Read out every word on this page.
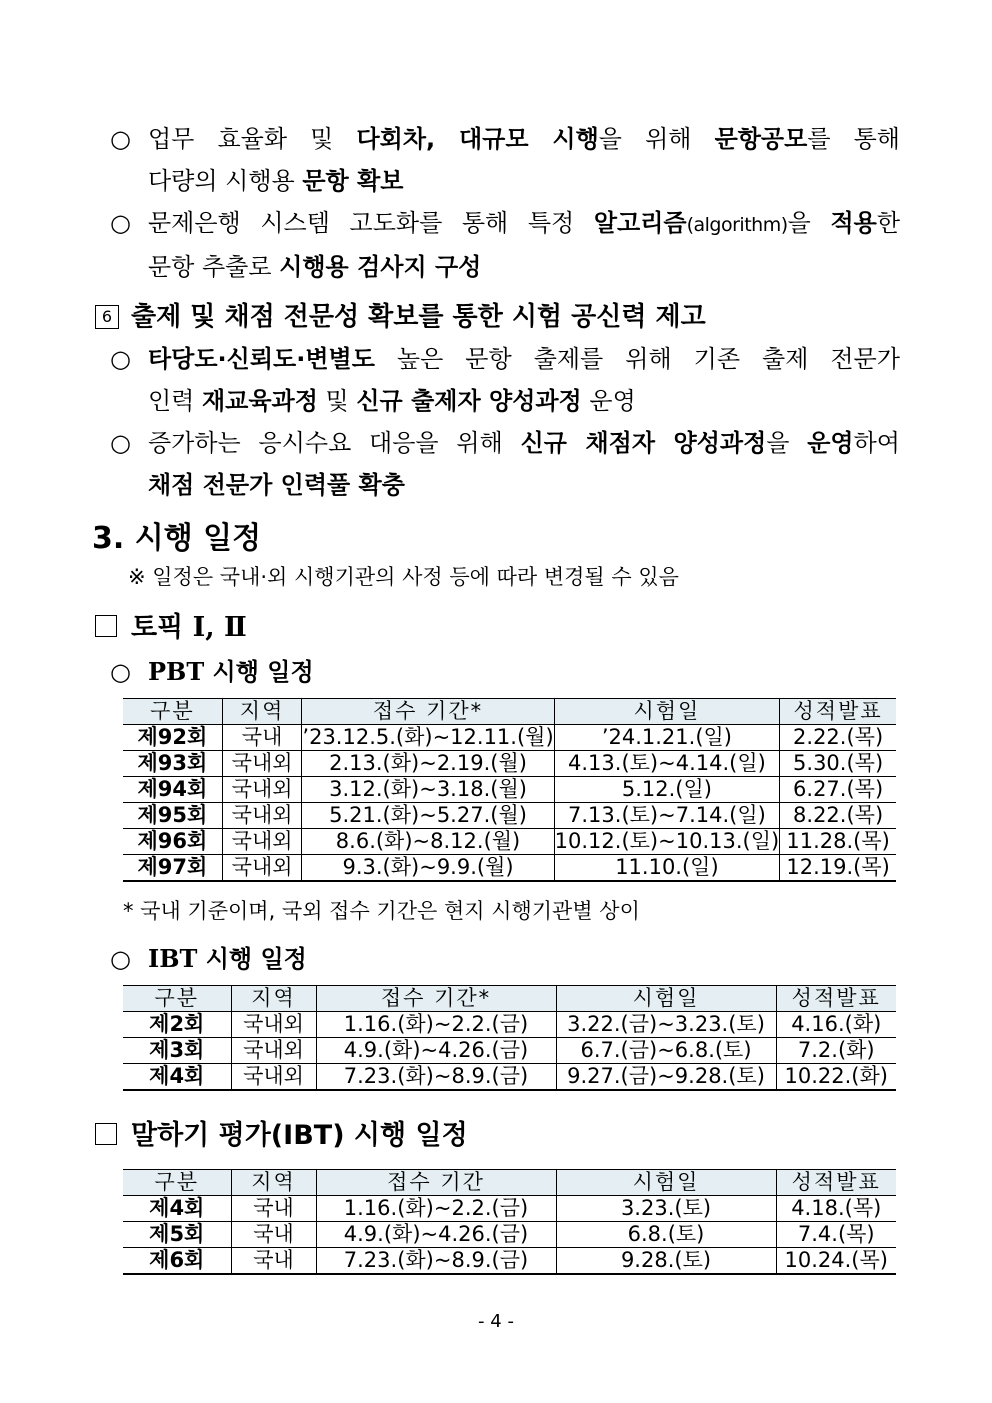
○ 업무 효율화 및 다회차, 대규모 시행을 위해 문항공모를 통해
다량의 시행용 문항 확보
○ 문제은행 시스템 고도화를 통해 특정 알고리즘(algorithm)을 적용한
문항 추출로 시행용 검사지 구성
6 출제 및 채점 전문성 확보를 통한 시험 공신력 제고
○ 타당도·신뢰도·변별도 높은 문항 출제를 위해 기존 출제 전문가
인력 재교육과정 및 신규 출제자 양성과정 운영
○ 증가하는 응시수요 대응을 위해 신규 채점자 양성과정을 운영하여
채점 전문가 인력풀 확충
3. 시행 일정
※ 일정은 국내·외 시행기관의 사정 등에 따라 변경될 수 있음
토픽 Ⅰ, Ⅱ
○ PBT 시행 일정
구분	지역	접수 기간*	시험일	성적발표
제92회	국내	’23.12.5.(화)~12.11.(월)	’24.1.21.(일)	2.22.(목)
제93회	국내외	2.13.(화)~2.19.(월)	4.13.(토)~4.14.(일)	5.30.(목)
제94회	국내외	3.12.(화)~3.18.(월)	5.12.(일)	6.27.(목)
제95회	국내외	5.21.(화)~5.27.(월)	7.13.(토)~7.14.(일)	8.22.(목)
제96회	국내외	8.6.(화)~8.12.(월)	10.12.(토)~10.13.(일)	11.28.(목)
제97회	국내외	9.3.(화)~9.9.(월)	11.10.(일)	12.19.(목)
* 국내 기준이며, 국외 접수 기간은 현지 시행기관별 상이
○ IBT 시행 일정
구분	지역	접수 기간*	시험일	성적발표
제2회	국내외	1.16.(화)~2.2.(금)	3.22.(금)~3.23.(토)	4.16.(화)
제3회	국내외	4.9.(화)~4.26.(금)	6.7.(금)~6.8.(토)	7.2.(화)
제4회	국내외	7.23.(화)~8.9.(금)	9.27.(금)~9.28.(토)	10.22.(화)
말하기 평가(IBT) 시행 일정
구분	지역	접수 기간	시험일	성적발표
제4회	국내	1.16.(화)~2.2.(금)	3.23.(토)	4.18.(목)
제5회	국내	4.9.(화)~4.26.(금)	6.8.(토)	7.4.(목)
제6회	국내	7.23.(화)~8.9.(금)	9.28.(토)	10.24.(목)
- 4 -
